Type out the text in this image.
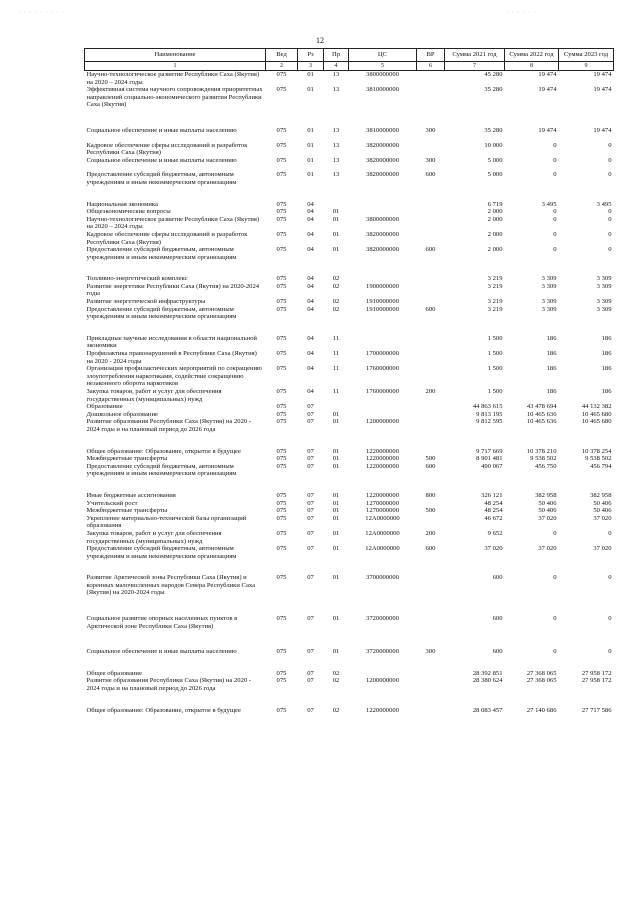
· · · · · · · · ·	· · · · · ·
12
Наименование	Вед	Рз	Пр	ЦС	ВР	Сумма 2021 год	Сумма 2022 год	Сумма 2023 год
1	2	3	4	5	6	7	8	9
Научно-технологическое развитие Республики Саха (Якутия) на 2020 – 2024 годы	075	01	13	3800000000		45 280	19 474	19 474
Эффективная система научного сопровождения приоритетных направлений социально-экономического развития Республики Саха (Якутия)	075	01	13	3810000000		35 280	19 474	19 474

Социальное обеспечение и иные выплаты населению	075	01	13	3810000000	300	35 280	19 474	19 474

Кадровое обеспечение сферы исследований и разработок Республики Саха (Якутия)	075	01	13	3820000000		10 000	0	0
Социальное обеспечение и иные выплаты населению	075	01	13	3820000000	300	5 000	0	0

Предоставление субсидий бюджетным, автономным учреждениям и иным некоммерческим организациям	075	01	13	3820000000	600	5 000	0	0

Национальная экономика	075	04				6 719	3 495	3 495
Общеэкономические вопросы	075	04	01			2 000	0	0
Научно-технологическое развитие Республики Саха (Якутия) на 2020 – 2024 годы	075	04	01	3800000000		2 000	0	0
Кадровое обеспечение сферы исследований и разработок Республики Саха (Якутия)	075	04	01	3820000000		2 000	0	0
Предоставление субсидий бюджетным, автономным учреждениям и иным некоммерческим организациям	075	04	01	3820000000	600	2 000	0	0

Топливно-энергетический комплекс	075	04	02			3 219	3 309	3 309
Развитие энергетики Республики Саха (Якутия) на 2020-2024 годы	075	04	02	1900000000		3 219	3 309	3 309
Развитие энергетической инфраструктуры	075	04	02	1910000000		3 219	3 309	3 309
Предоставление субсидий бюджетным, автономным учреждениям и иным некоммерческим организациям	075	04	02	1910000000	600	3 219	3 309	3 309

Прикладные научные исследования в области национальной экономики	075	04	11			1 500	186	186
Профилактика правонарушений в Республике Саха (Якутия) на 2020 - 2024 годы	075	04	11	1700000000		1 500	186	186
Организация профилактических мероприятий по сокращению злоупотребления наркотиками, содействие сокращению незаконного оборота наркотиков	075	04	11	1760000000		1 500	186	186
Закупка товаров, работ и услуг для обеспечения государственных (муниципальных) нужд	075	04	11	1760000000	200	1 500	186	186
Образование	075	07				44 863 615	43 478 694	44 132 382
Дошкольное образование	075	07	01			9 813 195	10 465 636	10 465 680
Развитие образования Республики Саха (Якутия) на 2020 - 2024 годы и на плановый период до 2026 года	075	07	01	1200000000		9 812 595	10 465 636	10 465 680

Общее образование: Образование, открытое в будущее	075	07	01	1220000000		9 717 669	10 378 210	10 378 254
Межбюджетные трансферты	075	07	01	1220000000	500	8 901 481	9 538 502	9 538 502
Предоставление субсидий бюджетным, автономным учреждениям и иным некоммерческим организациям	075	07	01	1220000000	600	490 067	456 750	456 794

Иные бюджетные ассигнования	075	07	01	1220000000	800	326 121	382 958	382 958
Учительский рост	075	07	01	1270000000		48 254	50 406	50 406
Межбюджетные трансферты	075	07	01	1270000000	500	48 254	50 406	50 406
Укрепление материально-технической базы организаций образования	075	07	01	12А0000000		46 672	37 020	37 020
Закупка товаров, работ и услуг для обеспечения государственных (муниципальных) нужд	075	07	01	12А0000000	200	9 652	0	0
Предоставление субсидий бюджетным, автономным учреждениям и иным некоммерческим организациям	075	07	01	12А0000000	600	37 020	37 020	37 020

Развитие Арктической зоны Республики Саха (Якутия) и коренных малочисленных народов Севера Республики Саха (Якутия) на 2020-2024 годы	075	07	01	3700000000		600	0	0

Социальное развитие опорных населенных пунктов в Арктической зоне Республики Саха (Якутия)	075	07	01	3720000000		600	0	0

Социальное обеспечение и иные выплаты населению	075	07	01	3720000000	300	600	0	0

Общее образование	075	07	02			28 392 851	27 368 065	27 958 172
Развитие образования Республики Саха (Якутия) на 2020 - 2024 годы и на плановый период до 2026 года	075	07	02	1200000000		28 380 624	27 368 065	27 958 172

Общее образование: Образование, открытое в будущее	075	07	02	1220000000		28 083 457	27 140 686	27 717 586
